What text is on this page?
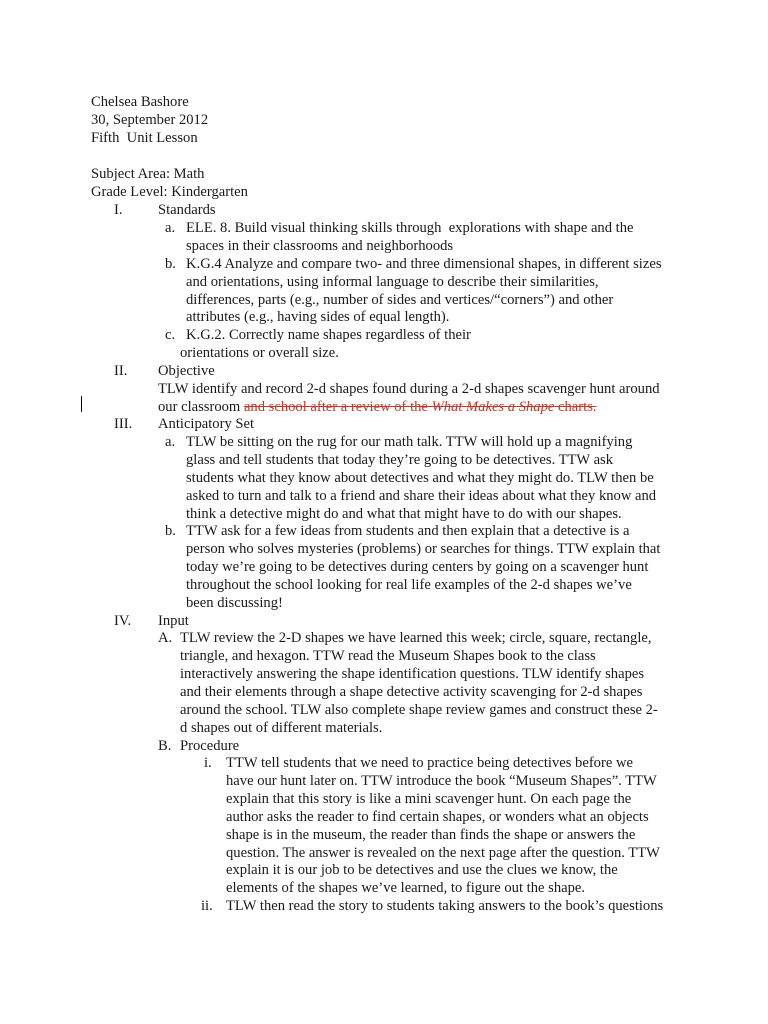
Chelsea Bashore
30, September 2012
Fifth  Unit Lesson
Subject Area: Math
Grade Level: Kindergarten
I. Standards
a. ELE. 8. Build visual thinking skills through  explorations with shape and the
spaces in their classrooms and neighborhoods
b. K.G.4 Analyze and compare two- and three dimensional shapes, in different sizes
and orientations, using informal language to describe their similarities,
differences, parts (e.g., number of sides and vertices/“corners”) and other
attributes (e.g., having sides of equal length).
c. K.G.2. Correctly name shapes regardless of their
orientations or overall size.
II. Objective
TLW identify and record 2-d shapes found during a 2-d shapes scavenger hunt around
our classroom and school after a review of the What Makes a Shape charts.
III. Anticipatory Set
a. TLW be sitting on the rug for our math talk. TTW will hold up a magnifying
glass and tell students that today they’re going to be detectives. TTW ask
students what they know about detectives and what they might do. TLW then be
asked to turn and talk to a friend and share their ideas about what they know and
think a detective might do and what that might have to do with our shapes.
b. TTW ask for a few ideas from students and then explain that a detective is a
person who solves mysteries (problems) or searches for things. TTW explain that
today we’re going to be detectives during centers by going on a scavenger hunt
throughout the school looking for real life examples of the 2-d shapes we’ve
been discussing!
IV. Input
A. TLW review the 2-D shapes we have learned this week; circle, square, rectangle,
triangle, and hexagon. TTW read the Museum Shapes book to the class
interactively answering the shape identification questions. TLW identify shapes
and their elements through a shape detective activity scavenging for 2-d shapes
around the school. TLW also complete shape review games and construct these 2-
d shapes out of different materials.
B. Procedure
i. TTW tell students that we need to practice being detectives before we
have our hunt later on. TTW introduce the book “Museum Shapes”. TTW
explain that this story is like a mini scavenger hunt. On each page the
author asks the reader to find certain shapes, or wonders what an objects
shape is in the museum, the reader than finds the shape or answers the
question. The answer is revealed on the next page after the question. TTW
explain it is our job to be detectives and use the clues we know, the
elements of the shapes we’ve learned, to figure out the shape.
ii. TLW then read the story to students taking answers to the book’s questions
